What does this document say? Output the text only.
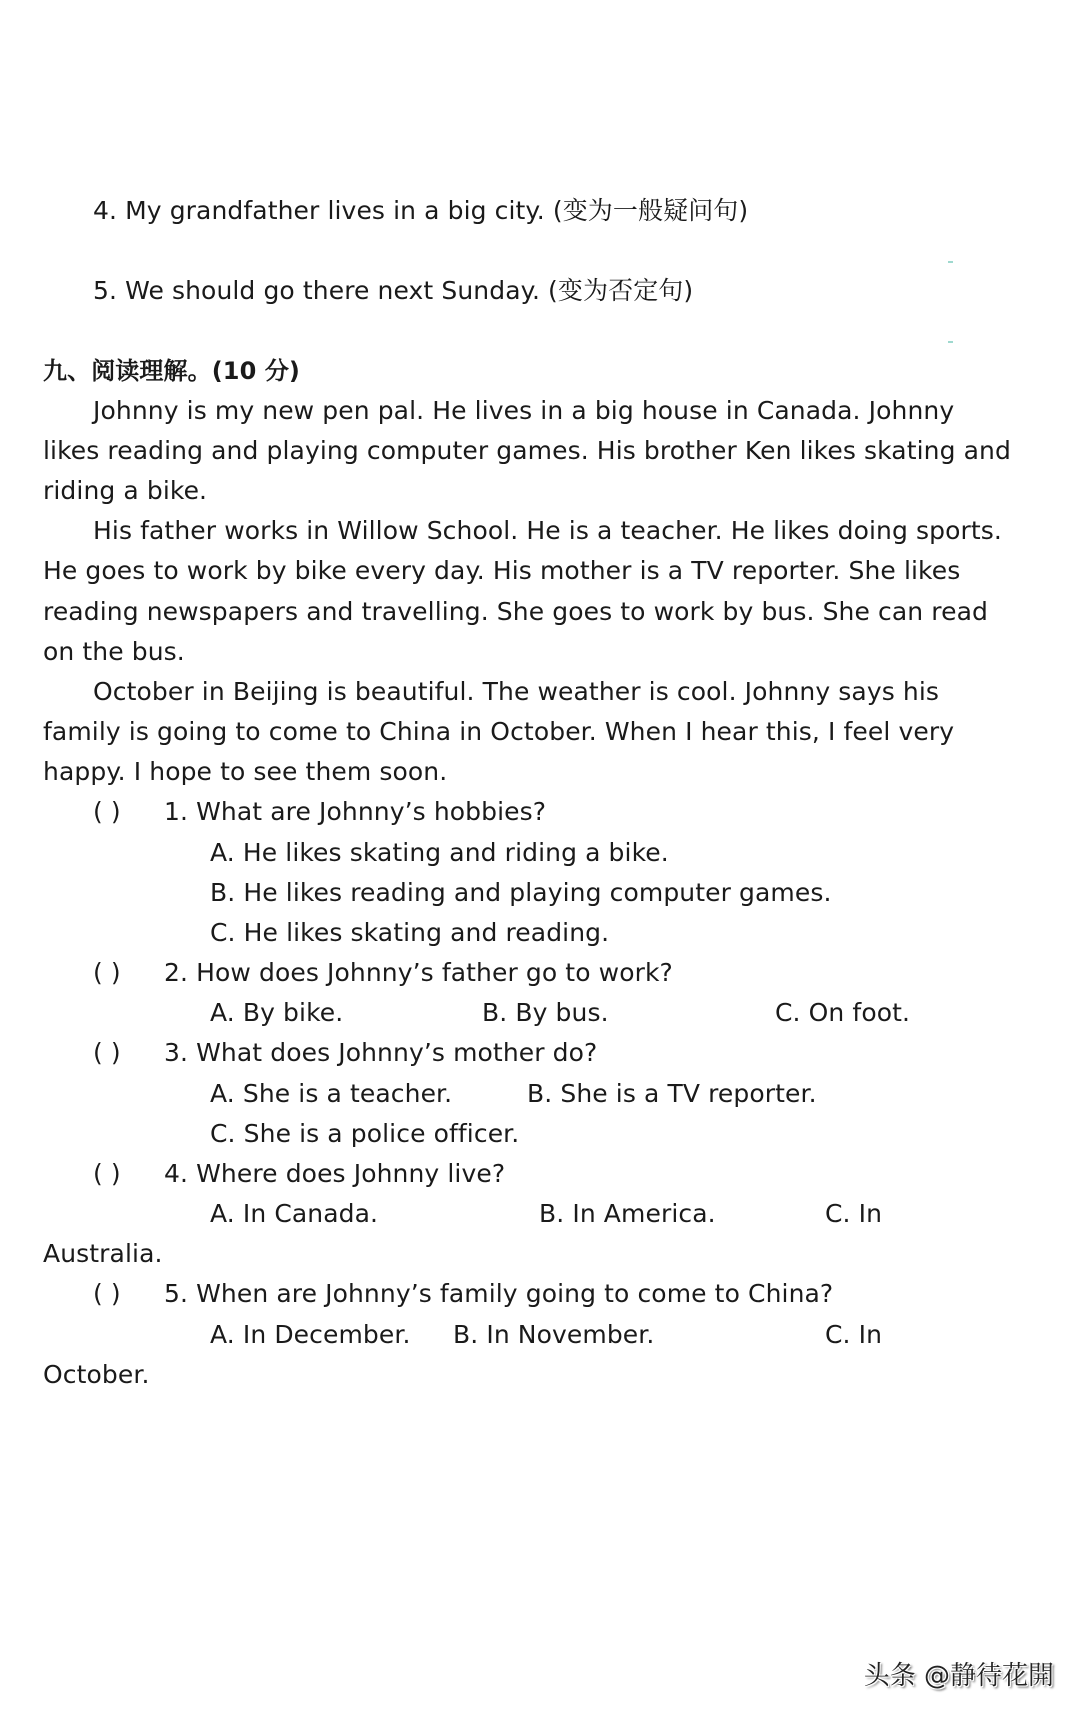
4. My grandfather lives in a big city. (变为一般疑问句)
5. We should go there next Sunday. (变为否定句)
九、阅读理解。(10 分)
Johnny is my new pen pal. He lives in a big house in Canada. Johnny
likes reading and playing computer games. His brother Ken likes skating and
riding a bike.
His father works in Willow School. He is a teacher. He likes doing sports.
He goes to work by bike every day. His mother is a TV reporter. She likes
reading newspapers and travelling. She goes to work by bus. She can read
on the bus.
October in Beijing is beautiful. The weather is cool. Johnny says his
family is going to come to China in October. When I hear this, I feel very
happy. I hope to see them soon.
( ) 1. What are Johnny’s hobbies?
A. He likes skating and riding a bike.
B. He likes reading and playing computer games.
C. He likes skating and reading.
( ) 2. How does Johnny’s father go to work?
A. By bike.	B. By bus.	C. On foot.
( ) 3. What does Johnny’s mother do?
A. She is a teacher.	B. She is a TV reporter.
C. She is a police officer.
( ) 4. Where does Johnny live?
A. In Canada.	B. In America.	C. In
Australia.
( ) 5. When are Johnny’s family going to come to China?
A. In December. B. In November.	C. In
October.
头条 @静待花開
